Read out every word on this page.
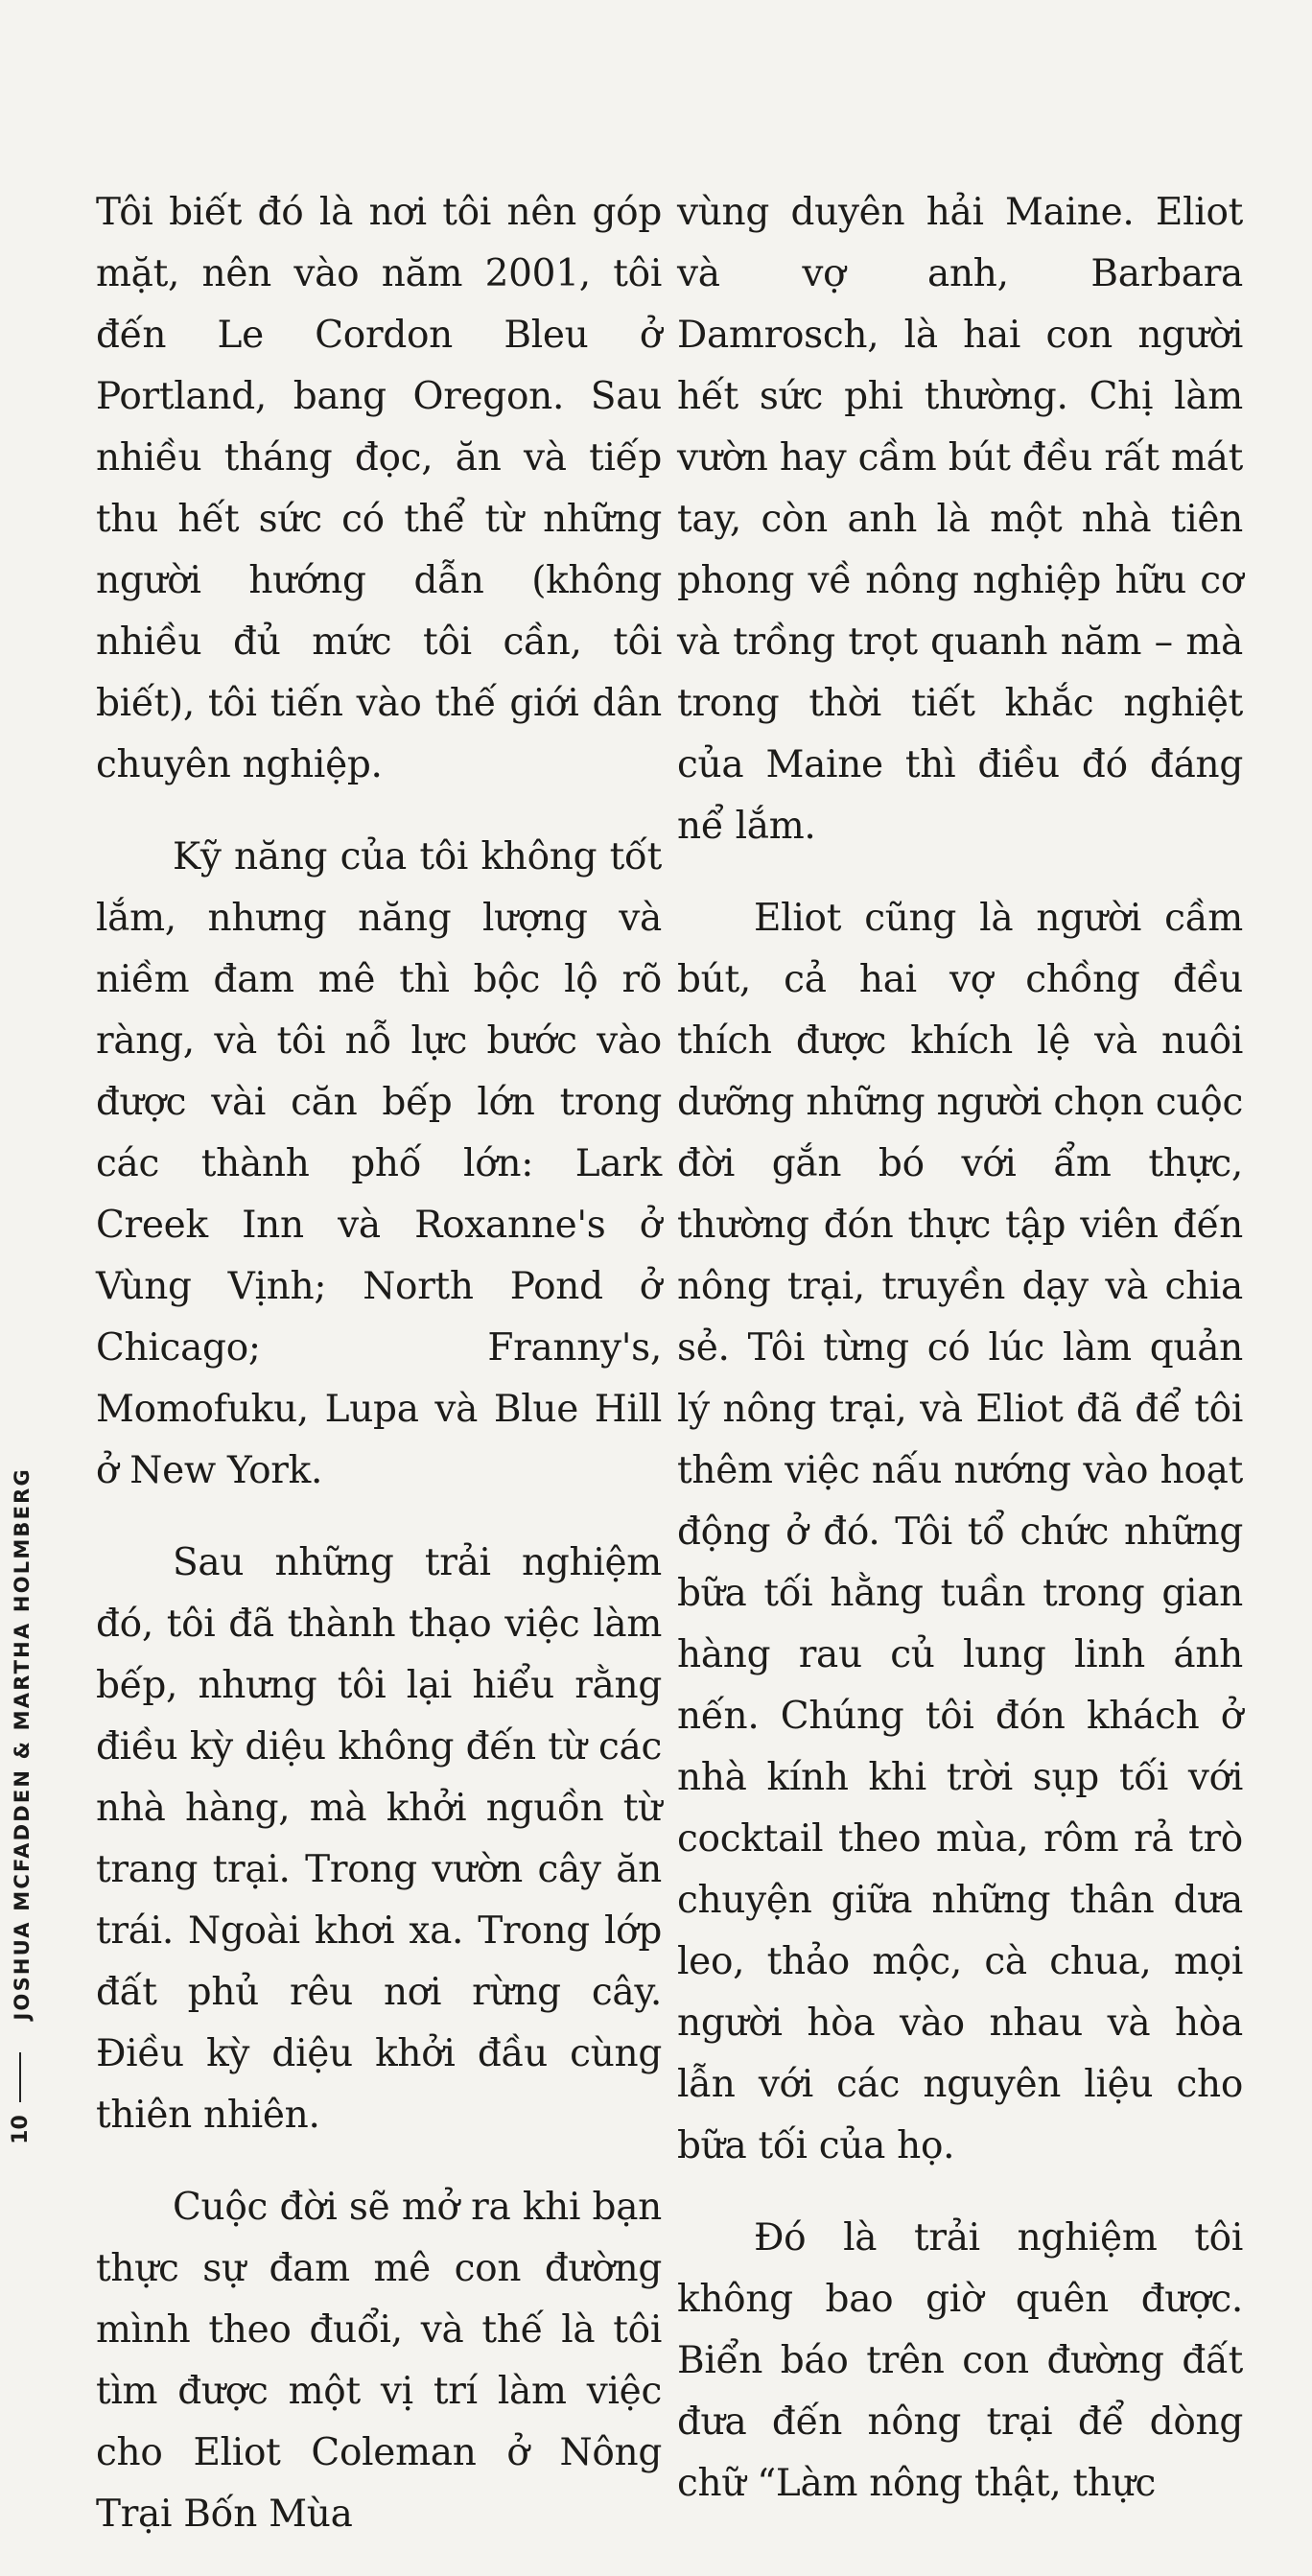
JOSHUA MCFADDEN & MARTHA HOLMBERG
10

Tôi biết đó là nơi tôi nên góp mặt, nên vào năm 2001, tôi đến Le Cordon Bleu ở Portland, bang Oregon. Sau nhiều tháng đọc, ăn và tiếp thu hết sức có thể từ những người hướng dẫn (không nhiều đủ mức tôi cần, tôi biết), tôi tiến vào thế giới dân chuyên nghiệp.

Kỹ năng của tôi không tốt lắm, nhưng năng lượng và niềm đam mê thì bộc lộ rõ ràng, và tôi nỗ lực bước vào được vài căn bếp lớn trong các thành phố lớn: Lark Creek Inn và Roxanne's ở Vùng Vịnh; North Pond ở Chicago; Franny's, Momofuku, Lupa và Blue Hill ở New York.

Sau những trải nghiệm đó, tôi đã thành thạo việc làm bếp, nhưng tôi lại hiểu rằng điều kỳ diệu không đến từ các nhà hàng, mà khởi nguồn từ trang trại. Trong vườn cây ăn trái. Ngoài khơi xa. Trong lớp đất phủ rêu nơi rừng cây. Điều kỳ diệu khởi đầu cùng thiên nhiên.

Cuộc đời sẽ mở ra khi bạn thực sự đam mê con đường mình theo đuổi, và thế là tôi tìm được một vị trí làm việc cho Eliot Coleman ở Nông Trại Bốn Mùa

vùng duyên hải Maine. Eliot và vợ anh, Barbara Damrosch, là hai con người hết sức phi thường. Chị làm vườn hay cầm bút đều rất mát tay, còn anh là một nhà tiên phong về nông nghiệp hữu cơ và trồng trọt quanh năm – mà trong thời tiết khắc nghiệt của Maine thì điều đó đáng nể lắm.

Eliot cũng là người cầm bút, cả hai vợ chồng đều thích được khích lệ và nuôi dưỡng những người chọn cuộc đời gắn bó với ẩm thực, thường đón thực tập viên đến nông trại, truyền dạy và chia sẻ. Tôi từng có lúc làm quản lý nông trại, và Eliot đã để tôi thêm việc nấu nướng vào hoạt động ở đó. Tôi tổ chức những bữa tối hằng tuần trong gian hàng rau củ lung linh ánh nến. Chúng tôi đón khách ở nhà kính khi trời sụp tối với cocktail theo mùa, rôm rả trò chuyện giữa những thân dưa leo, thảo mộc, cà chua, mọi người hòa vào nhau và hòa lẫn với các nguyên liệu cho bữa tối của họ.

Đó là trải nghiệm tôi không bao giờ quên được. Biển báo trên con đường đất đưa đến nông trại để dòng chữ “Làm nông thật, thực
